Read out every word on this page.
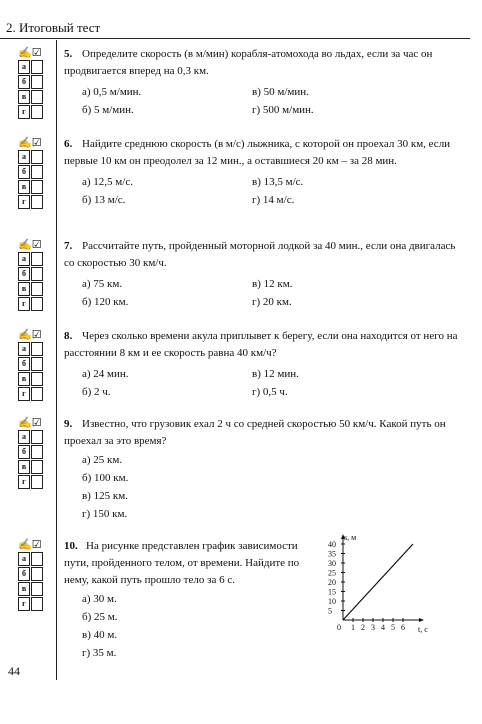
2. Итоговый тест
✍☑
а
б
в
г
5. Определите скорость (в м/мин) корабля-атомохода во льдах, если за час он продвигается вперед на 0,3 км.
а) 0,5 м/мин.	в) 50 м/мин.
б) 5 м/мин.	г) 500 м/мин.
✍☑
а
б
в
г
6. Найдите среднюю скорость (в м/с) лыжника, с которой он проехал 30 км, если первые 10 км он преодолел за 12 мин., а оставшиеся 20 км – за 28 мин.
а) 12,5 м/с.	в) 13,5 м/с.
б) 13 м/с.	г) 14 м/с.
✍☑
а
б
в
г
7. Рассчитайте путь, пройденный моторной лодкой за 40 мин., если она двигалась со скоростью 30 км/ч.
а) 75 км.	в) 12 км.
б) 120 км.	г) 20 км.
✍☑
а
б
в
г
8. Через сколько времени акула приплывет к берегу, если она находится от него на расстоянии 8 км и ее скорость равна 40 км/ч?
а) 24 мин.	в) 12 мин.
б) 2 ч.	г) 0,5 ч.
✍☑
а
б
в
г
9. Известно, что грузовик ехал 2 ч со средней скоростью 50 км/ч. Какой путь он проехал за это время?
а) 25 км.
б) 100 км.
в) 125 км.
г) 150 км.
✍☑
а
б
в
г
10. На рисунке представлен график зависимости пути, пройденного телом, от времени. Найдите по нему, какой путь прошло тело за 6 с.
а) 30 м.
б) 25 м.
в) 40 м.
г) 35 м.
s, м
t, с
40
35
30
25
20
15
10
5
0 1 2 3 4 5 6
44
